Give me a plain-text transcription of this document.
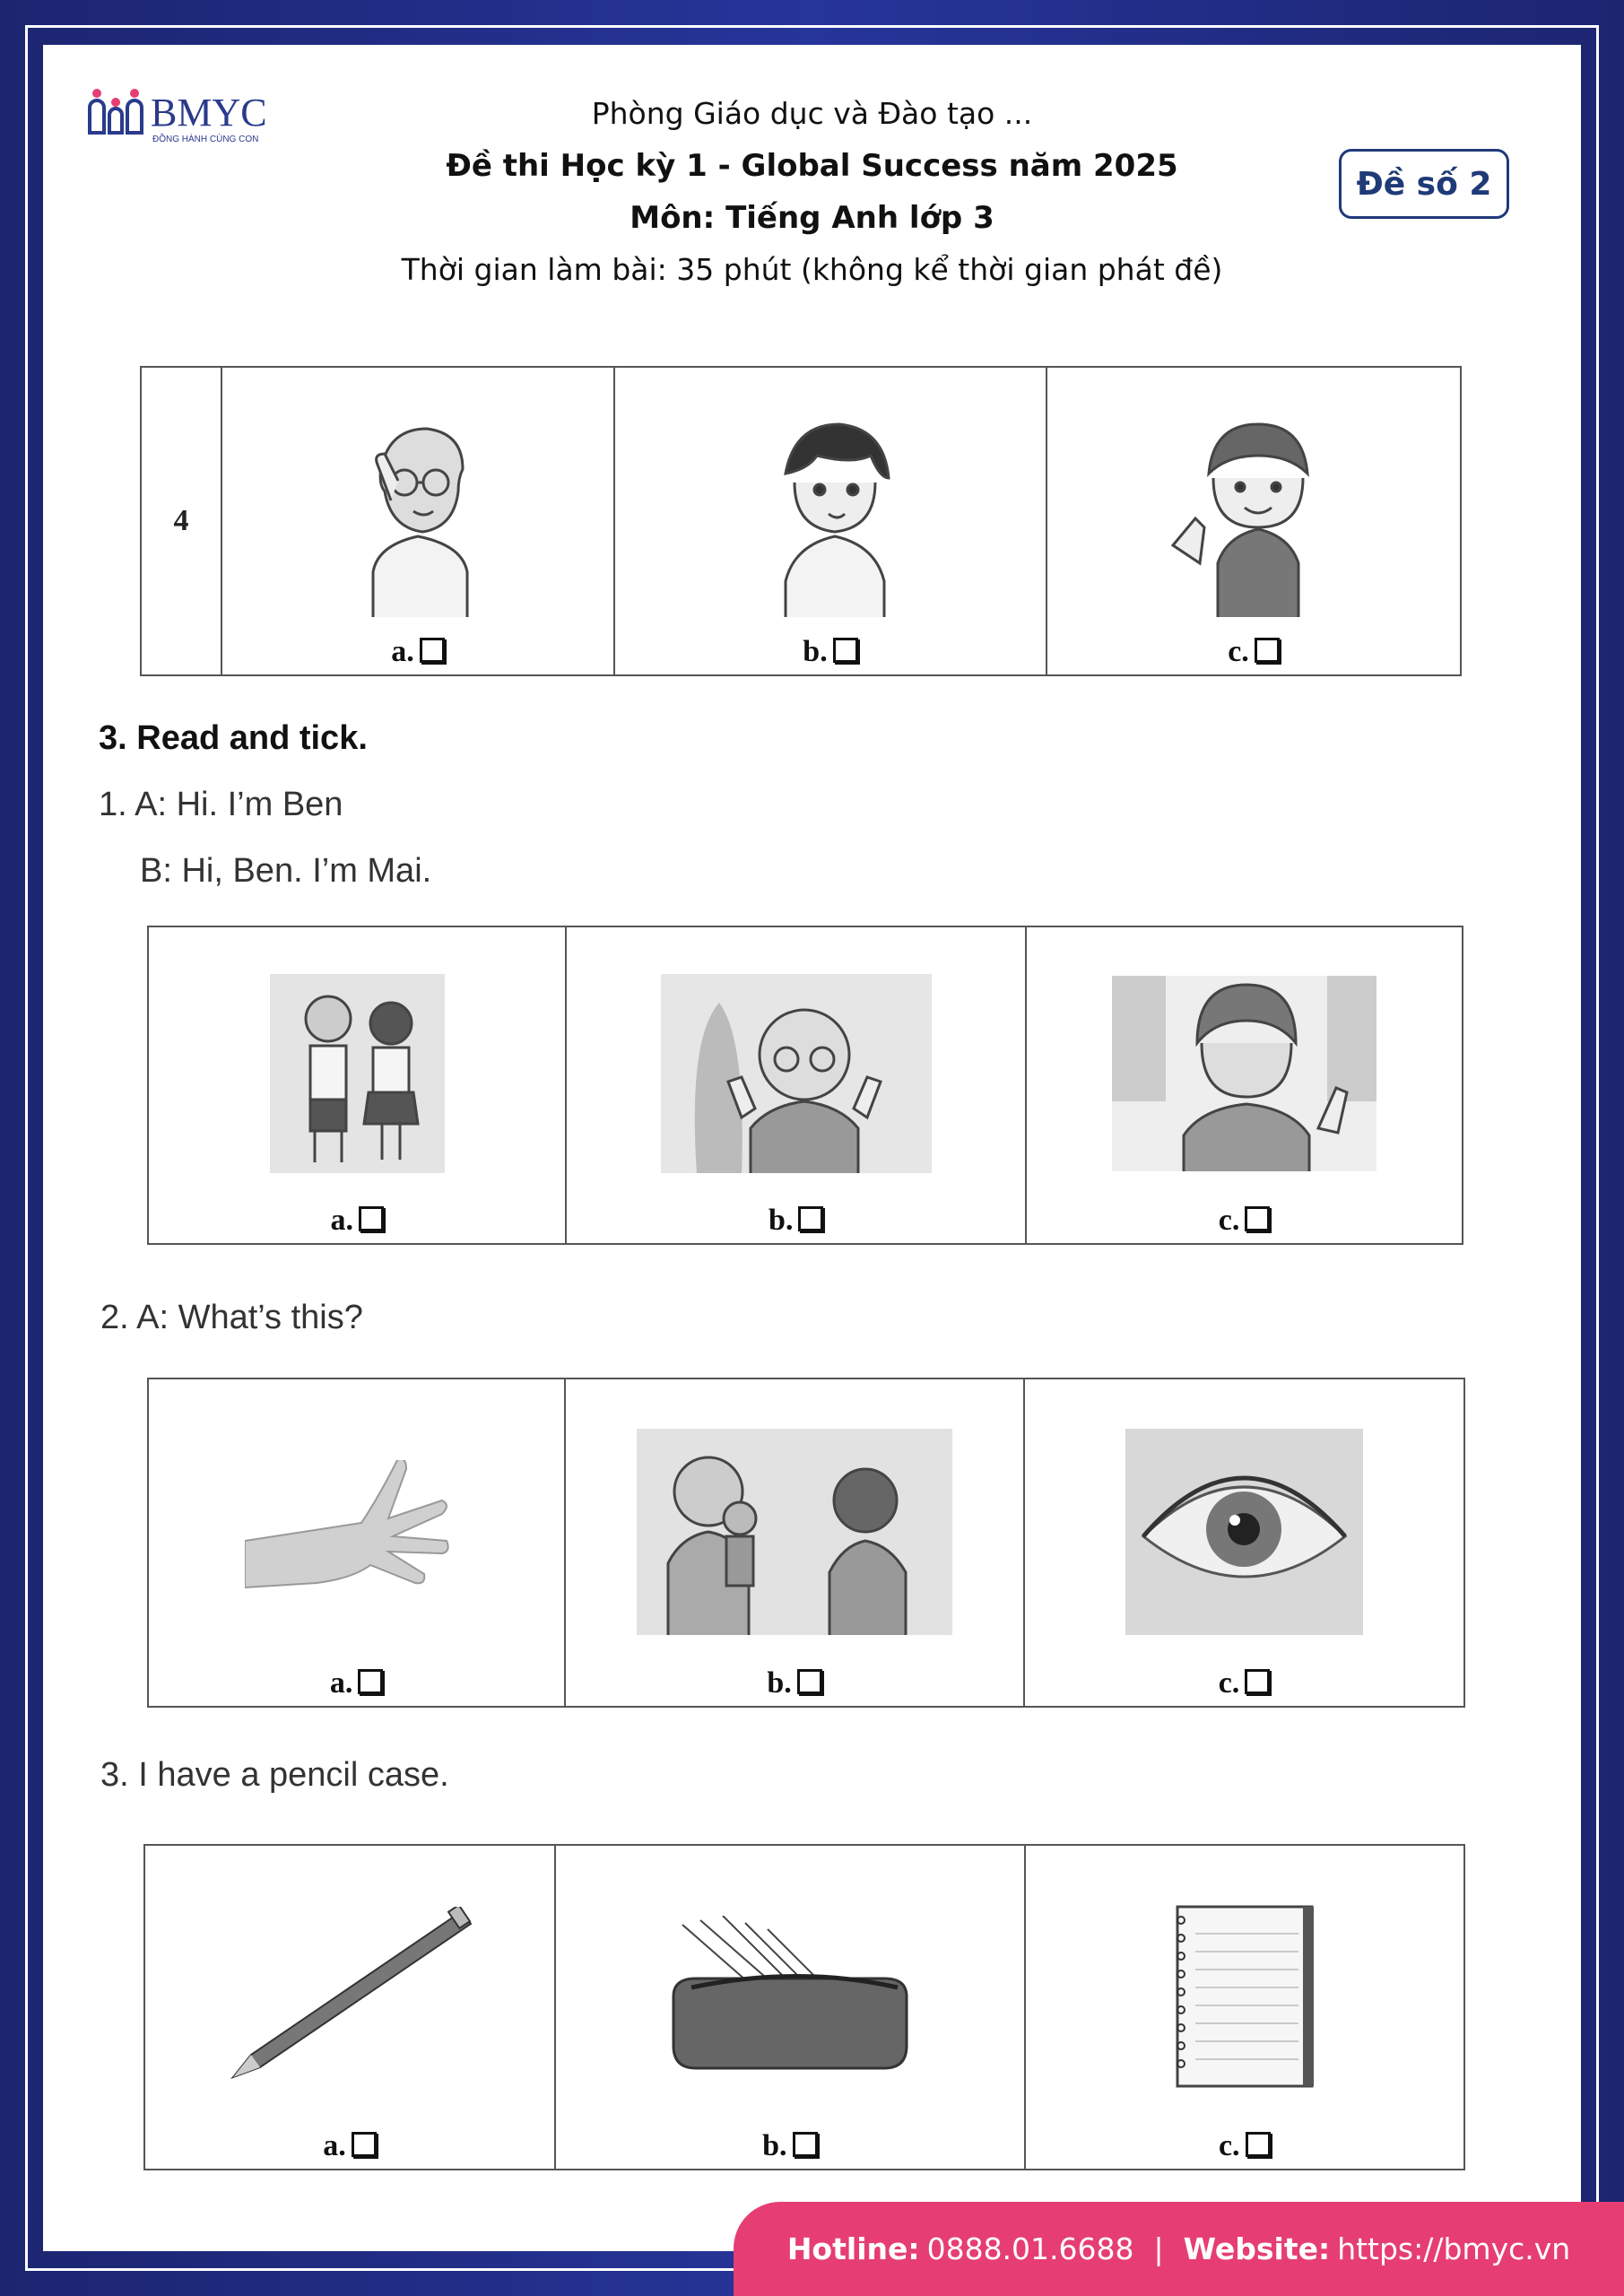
BMYC
ĐỒNG HÀNH CÙNG CON
Phòng Giáo dục và Đào tạo ...
Đề thi Học kỳ 1 - Global Success năm 2025
Môn: Tiếng Anh lớp 3
Thời gian làm bài: 35 phút (không kể thời gian phát đề)
Đề số 2
4	
a.	b.	c.
3. Read and tick.
1. A: Hi. I’m Ben
B: Hi, Ben. I’m Mai.
a.	b.	c.
2. A: What’s this?
a.	b.	c.
3. I have a pencil case.
a.	b.	c.
Hotline: 0888.01.6688 | Website: https://bmyc.vn
